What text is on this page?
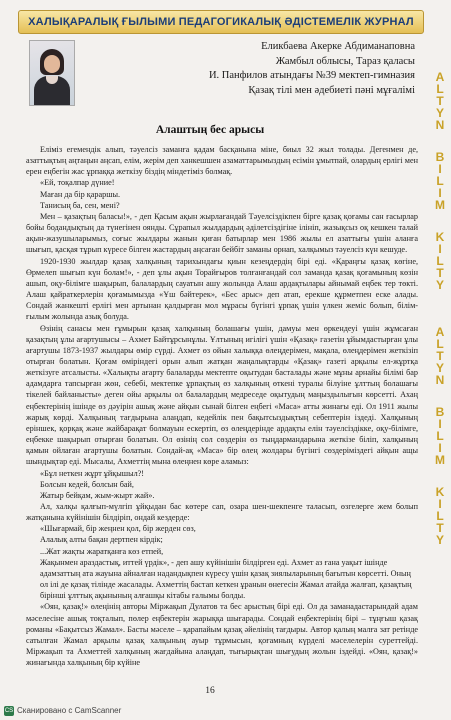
ХАЛЫҚАРАЛЫҚ ҒЫЛЫМИ ПЕДАГОГИКАЛЫҚ ӘДІСТЕМЕЛІК ЖУРНАЛ
Еликбаева Акерке Абдиманаповна
Жамбыл облысы, Тараз қаласы
И. Панфилов атындағы №39 мектеп-гимназия
Қазақ тілі мен әдебиеті пәні мұғалімі	ALTYN
BILIM
KILTY
ALTYN
BILIM
KILTY
Алаштың бес арысы

Еліміз егемендік алып, тәуелсіз заманға қадам басқанына міне, биыл 32 жыл толады. Дегенмен де, азаттықтың аңтаңын аңсап, елім, жерім деп ханкешшен азаматтарымыздың есімін ұмытпай, олардың ерлігі мен ерен еңбегін жас ұрпаққа жеткізу біздің міндетіміз болмақ.

«Ей, тоқалпар дүние!

Маған да бір қараршы.

Танисың ба, сен, мені?

Мен – қазақтың баласы!», - деп Қасым ақын жырлағандай Тәуелсіздікпен бірге қазақ қоғамы сан ғасырлар бойы бодандықтың да түнегінен оянды. Сұрапыл жылдардың әділетсіздігіне ілініп, жазықсыз оқ кешкен талай ақын-жазушыларымыз, соғыс жылдары жанын қиған батырлар мен 1986 жылы ел азаттығы үшін аланға шығып, қасқая тұрып күресе білген жастардың аңсаған бейбіт заманы орнап, халқымыз тәуелсіз күн кешуде.

1920-1930 жылдар қазақ халқының тарихындағы қиын кезеңдердің бірі еді. «Қараңғы қазақ көгіне, Өрмелеп шығып күн болам!», - деп ұлы ақын Торайғыров толғанғандай сол заманда қазақ қоғамының көзін ашып, оқу-білімге шақырып, балалардың сауатын ашу жолында Алаш ардақтылары айнымай еңбек тер төкті. Алаш қайраткерлерін қоғамымызда «Ұш бәйтерек», «Бес арыс» деп атап, ерекше құрметпен еске алады. Сондай жанкешті ерлігі мен артынан қалдырған мол мұрасы бүгінгі ұрпақ үшін үлкен жеміс болып, білім-ғылым жолында азық болуда.

Өзінің санасы мен ғұмырын қазақ халқының болашағы үшін, дамуы мен өркендеуі үшін жұмсаған қазақтың ұлы ағартушысы – Ахмет Байтұрсынұлы. Ұлтының игілігі үшін «Қазақ» газетін ұйымдастырған ұлы ағартушы 1873-1937 жылдары өмір сүрді. Ахмет өз ойын халыққа өлеңдерімен, мақала, өлеңдерімен жеткізіп отырған болатын. Қоғам өміріндегі орын алып жатқан жаңалықтарды «Қазақ» газеті арқылы ел-жұртқа жеткізуге атсалысты. «Халықты ағарту балаларды мектепте оқытудан басталады және мұны арнайы білімі бар адамдарға тапсырған жөн, себебі, мектепке ұрпақтың өз халқының өткені туралы білуіне ұлттың болашағы тікелей байланысты» деген ойы арқылы ол балалардың медреседе оқытудың маңыздылығын көрсетті. Ахаң еңбектерінің ішінде өз дәуірін ашық және айқын сынай білген еңбегі «Маса» атты жинағы еді. Ол 1911 жылы жарық көрді. Халқының тағдырына алаңдап, кедейлік пен бақытсыздықтың себептерін іздеді. Халқының еріншек, қорқақ және жайбарақат болмауын ескертіп, өз өлеңдерінде ардақты елін тәуелсіздікке, оқу-білімге, еңбекке шақырып отырған болатын. Ол өзінің сол сөздерін өз тыңдармандарына жеткізе біліп, халқының қамын ойлаған ағартушы болатын. Сондай-ақ «Маса» бір өлең жолдары бүгінгі сөздеріміздегі айқын ащы шындықтар еді. Мысалы, Ахметтің мына өлеңнен көре аламыз:

«Бұл неткен жұрт ұйқышыл?!

Болсын кедей, болсын бай,

Жатыр бейқам, жым-жырт жай».

Ал, халқы қалғып-мүлгіп ұйқыдан бас көтере сап, озара шен-шекпенге таласып, өзгелерге жем болып жатқанына күйінішін білдіріп, ондай кездерде:

«Шығармай, бір жеңнен қол, бір жерден сөз,

Алалық алты бақан дертпен кірдік;

...Жат жақты жаратқанға көз етпей,

Жақынмен араздастық, иттей үрдік», - деп ашу күйінішін білдірген еді. Ахмет аз ғана уақыт ішінде адамзаттың ата жауына айналған надандықпен күресу үшін қазақ зиялыларының бағытын көрсетті. Оның ол ілі де қазақ тілінде жасалады. Ахметтің бастап кеткен ұранын өнегесін Жамал атайда жалғап, қазақтың бірінші ұлттық ақынының алғашқы кітабы ғалымы болды.

«Оян, қазақ!» өлеңінің авторы Міржақып Дулатов та бес арыстың бірі еді. Ол да заманадастарындай адам мәселесіне ашық тоқталып, пөлер еңбектерін жарыққа шығарады. Сондай еңбектерінің бірі – тұңғыш қазақ романы «Бақытсыз Жамал». Басты мәселе – қарапайым қазақ әйелінің тағдыры. Автор қалың малға зат ретінде сатылған Жамал арқылы қазақ халқының ауыр тұрмысын, қоғамның күрделі мәселелерін суреттейді. Міржақып та Ахметтей халқының жағдайына алаңдап, тығырықтан шығудың жолын іздейді. «Оян, қазақ!» жинағында халқының бір күйіне

16
CS Сканировано с CamScanner
